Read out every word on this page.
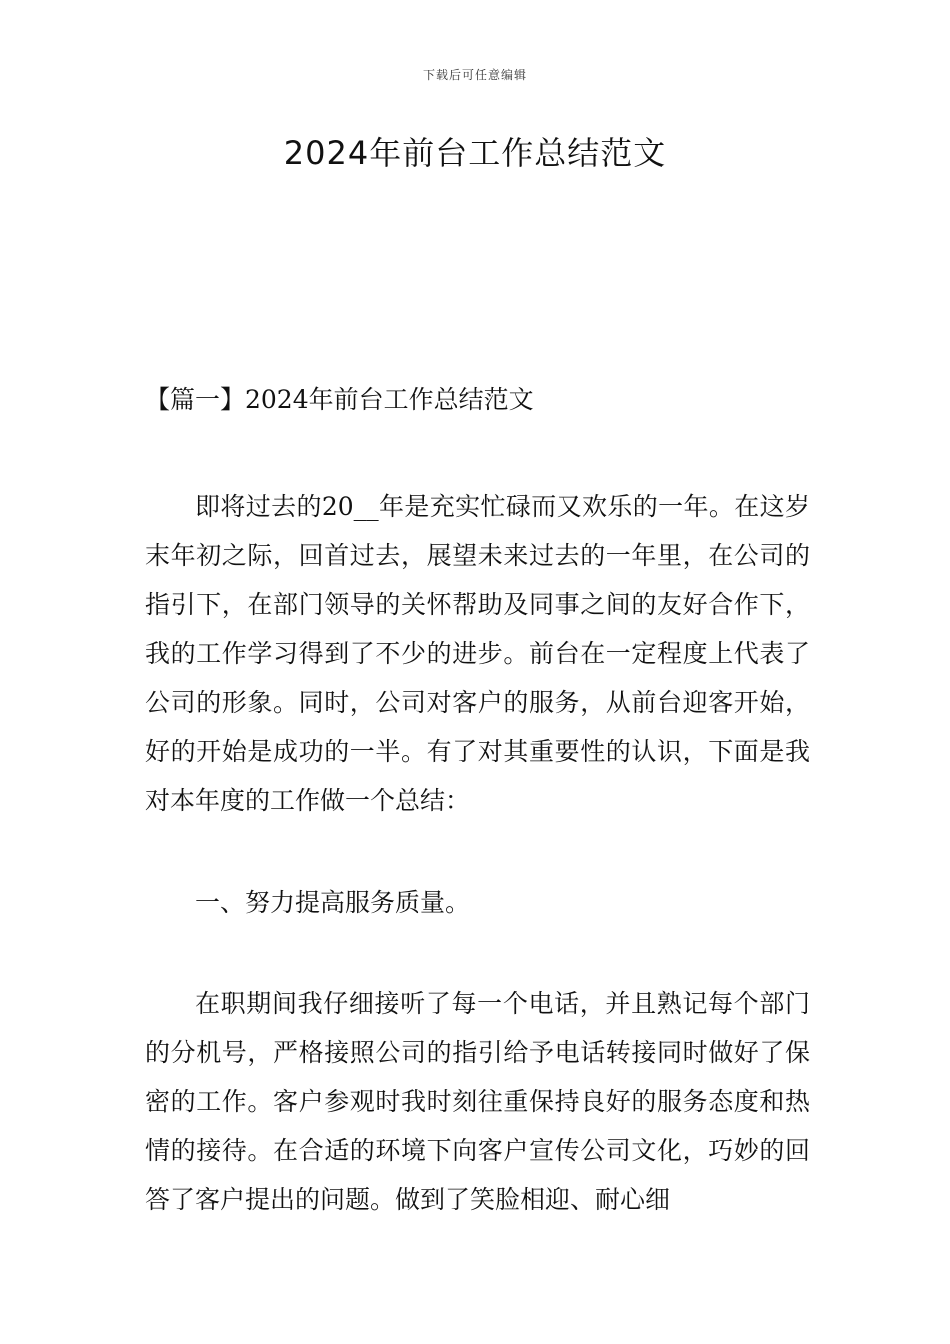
下载后可任意编辑
2024年前台工作总结范文

【篇一】2024年前台工作总结范文

即将过去的20__年是充实忙碌而又欢乐的一年。在这岁末年初之际，回首过去，展望未来过去的一年里，在公司的指引下，在部门领导的关怀帮助及同事之间的友好合作下，我的工作学习得到了不少的进步。前台在一定程度上代表了公司的形象。同时，公司对客户的服务，从前台迎客开始，好的开始是成功的一半。有了对其重要性的认识，下面是我对本年度的工作做一个总结：

一、努力提高服务质量。

在职期间我仔细接听了每一个电话，并且熟记每个部门的分机号，严格接照公司的指引给予电话转接同时做好了保密的工作。客户参观时我时刻往重保持良好的服务态度和热情的接待。在合适的环境下向客户宣传公司文化，巧妙的回答了客户提出的问题。做到了笑脸相迎、耐心细
